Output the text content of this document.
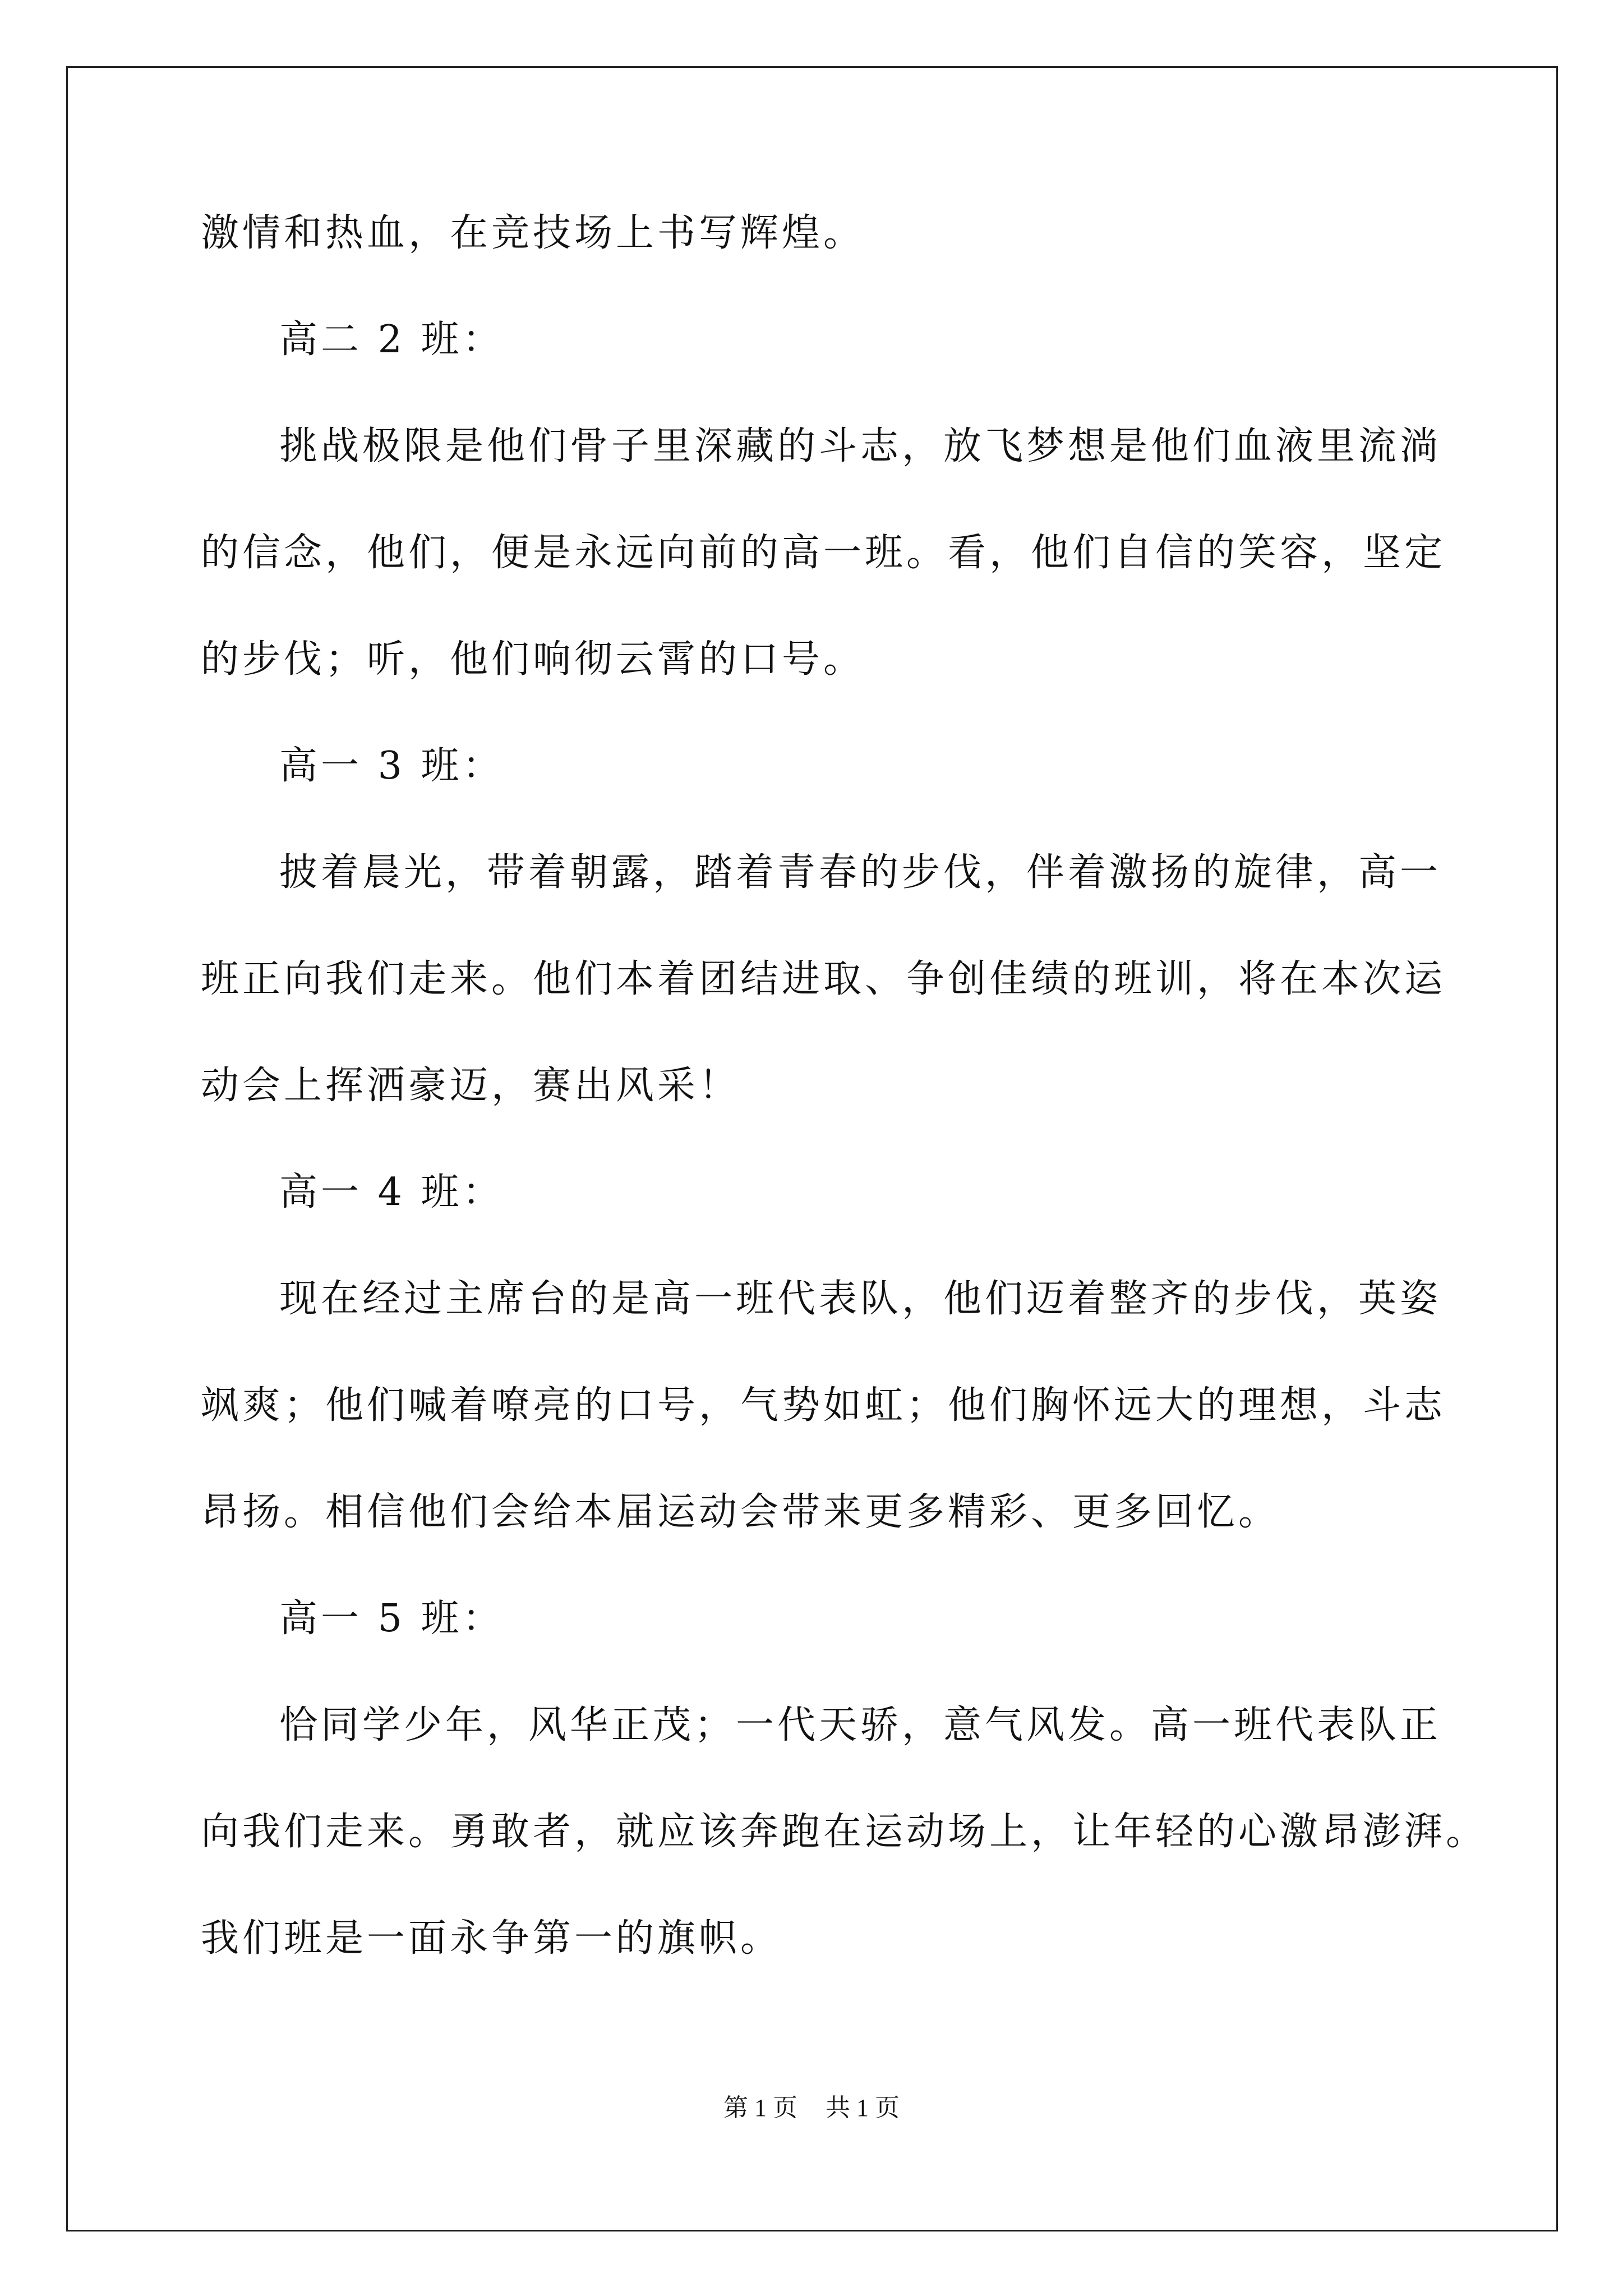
激情和热血，在竞技场上书写辉煌。
高二 2 班：
挑战极限是他们骨子里深藏的斗志，放飞梦想是他们血液里流淌
的信念，他们，便是永远向前的高一班。看，他们自信的笑容，坚定
的步伐；听，他们响彻云霄的口号。
高一 3 班：
披着晨光，带着朝露，踏着青春的步伐，伴着激扬的旋律，高一
班正向我们走来。他们本着团结进取、争创佳绩的班训，将在本次运
动会上挥洒豪迈，赛出风采！
高一 4 班：
现在经过主席台的是高一班代表队，他们迈着整齐的步伐，英姿
飒爽；他们喊着嘹亮的口号，气势如虹；他们胸怀远大的理想，斗志
昂扬。相信他们会给本届运动会带来更多精彩、更多回忆。
高一 5 班：
恰同学少年，风华正茂；一代天骄，意气风发。高一班代表队正
向我们走来。勇敢者，就应该奔跑在运动场上，让年轻的心激昂澎湃。
我们班是一面永争第一的旗帜。
第 1 页 共 1 页
